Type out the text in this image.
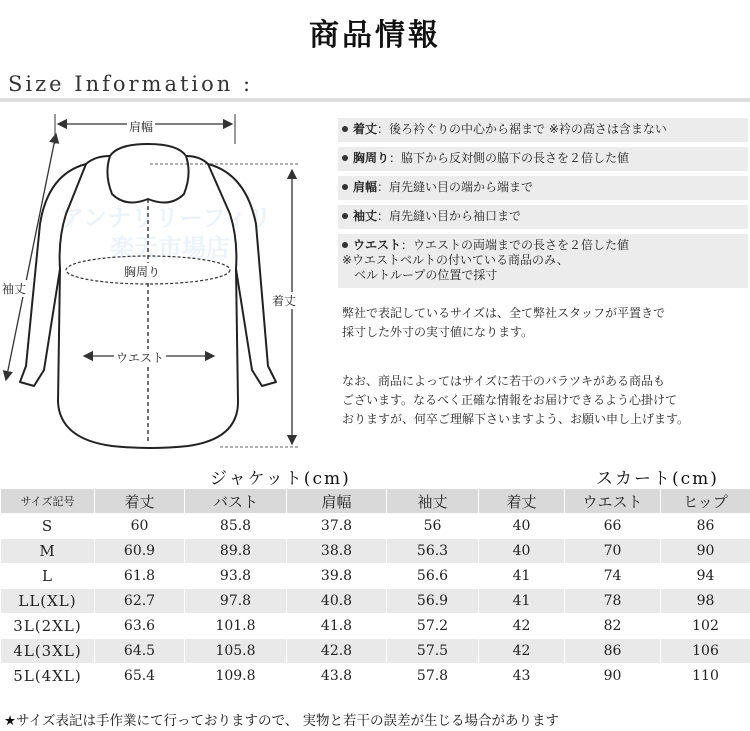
商品情報
Size Information :
アンナリリーフィリ
楽天市場店
肩幅
胸周り
ウエスト
袖丈
着丈
着丈：後ろ衿ぐりの中心から裾まで ※衿の高さは含まない
胸周り：脇下から反対側の脇下の長さを２倍した値
肩幅：肩先縫い目の端から端まで
袖丈：肩先縫い目から袖口まで
ウエスト：ウエストの両端までの長さを２倍した値
※ウエストベルトの付いている商品のみ、
　ベルトループの位置で採寸
弊社で表記しているサイズは、全て弊社スタッフが平置きで
採寸した外寸の実寸値になります。
なお、商品によってはサイズに若干のバラツキがある商品も
ございます。なるべく正確な情報をお届けできるよう心掛けて
おりますが、何卒ご理解下さいますよう、お願い申し上げます。
ジャケット(cm)	スカート(cm)
サイズ記号	着丈	バスト	肩幅	袖丈	着丈	ウエスト	ヒップ
S	60	85.8	37.8	56	40	66	86
M	60.9	89.8	38.8	56.3	40	70	90
L	61.8	93.8	39.8	56.6	41	74	94
LL(XL)	62.7	97.8	40.8	56.9	41	78	98
3L(2XL)	63.6	101.8	41.8	57.2	42	82	102
4L(3XL)	64.5	105.8	42.8	57.5	42	86	106
5L(4XL)	65.4	109.8	43.8	57.8	43	90	110
★サイズ表記は手作業にて行っておりますので、 実物と若干の誤差が生じる場合があります
